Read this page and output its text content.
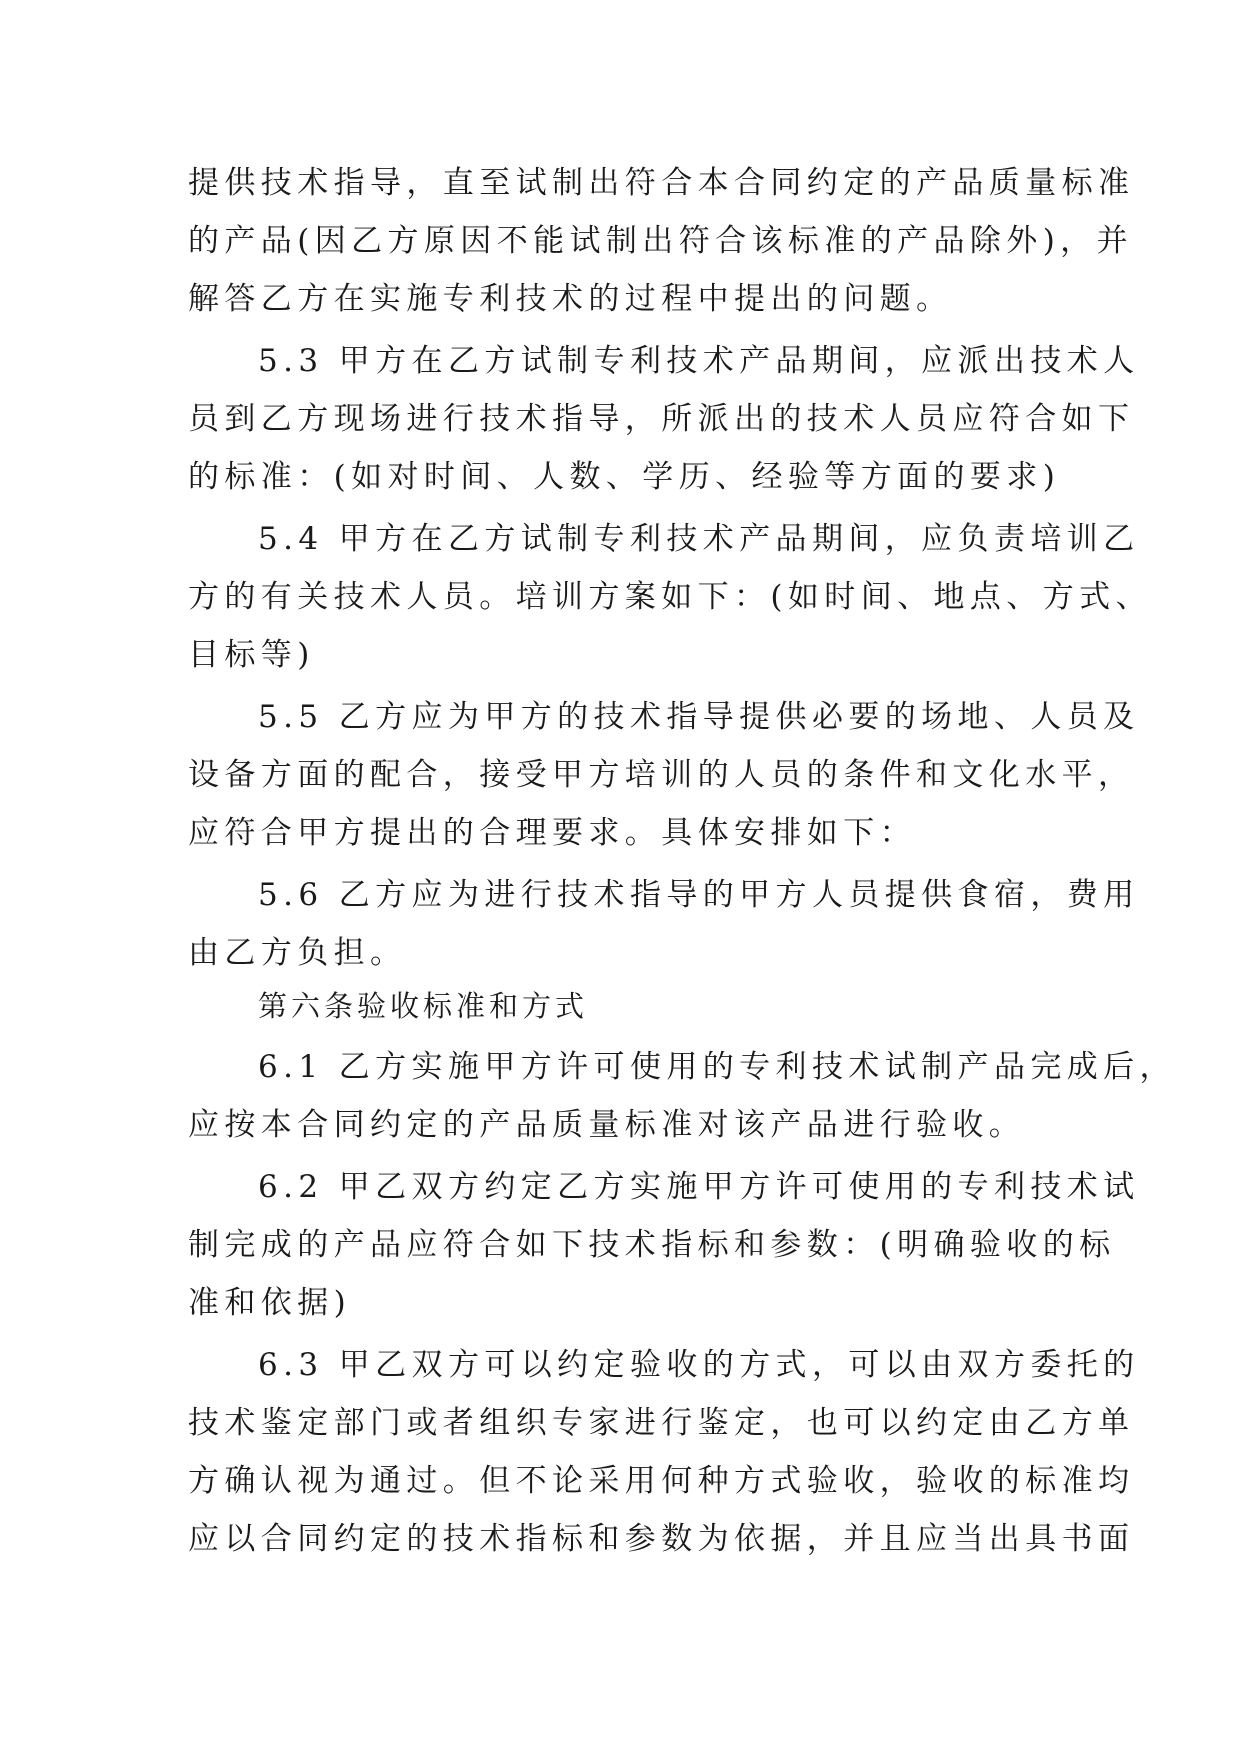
提供技术指导，直至试制出符合本合同约定的产品质量标准
的产品(因乙方原因不能试制出符合该标准的产品除外)，并
解答乙方在实施专利技术的过程中提出的问题。
5.3 甲方在乙方试制专利技术产品期间，应派出技术人
员到乙方现场进行技术指导，所派出的技术人员应符合如下
的标准：(如对时间、人数、学历、经验等方面的要求)
5.4 甲方在乙方试制专利技术产品期间，应负责培训乙
方的有关技术人员。培训方案如下：(如时间、地点、方式、
目标等)
5.5 乙方应为甲方的技术指导提供必要的场地、人员及
设备方面的配合，接受甲方培训的人员的条件和文化水平，
应符合甲方提出的合理要求。具体安排如下：
5.6 乙方应为进行技术指导的甲方人员提供食宿，费用
由乙方负担。
第六条验收标准和方式
6.1 乙方实施甲方许可使用的专利技术试制产品完成后，
应按本合同约定的产品质量标准对该产品进行验收。
6.2 甲乙双方约定乙方实施甲方许可使用的专利技术试
制完成的产品应符合如下技术指标和参数：(明确验收的标
准和依据)
6.3 甲乙双方可以约定验收的方式，可以由双方委托的
技术鉴定部门或者组织专家进行鉴定，也可以约定由乙方单
方确认视为通过。但不论采用何种方式验收，验收的标准均
应以合同约定的技术指标和参数为依据，并且应当出具书面
